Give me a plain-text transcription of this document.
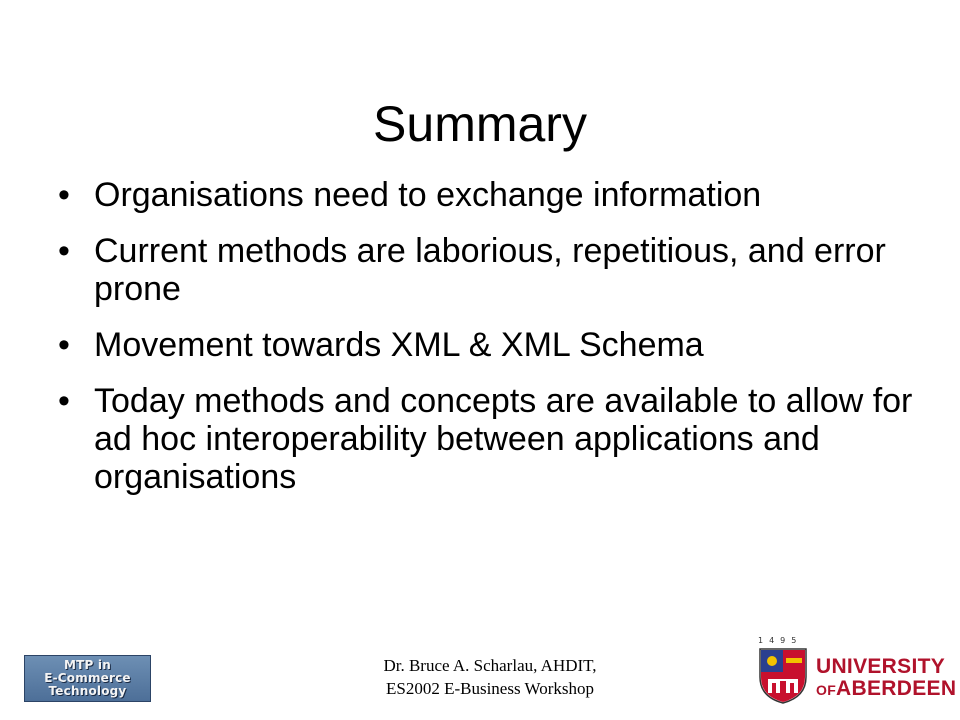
Summary
• Organisations need to exchange information
• Current methods are laborious, repetitious, and error prone
• Movement towards XML & XML Schema
• Today methods and concepts are available to allow for ad hoc interoperability between applications and organisations
MTP in
E-Commerce
Technology
Dr. Bruce A. Scharlau, AHDIT,
ES2002 E-Business Workshop
1495
UNIVERSITY
OFABERDEEN
